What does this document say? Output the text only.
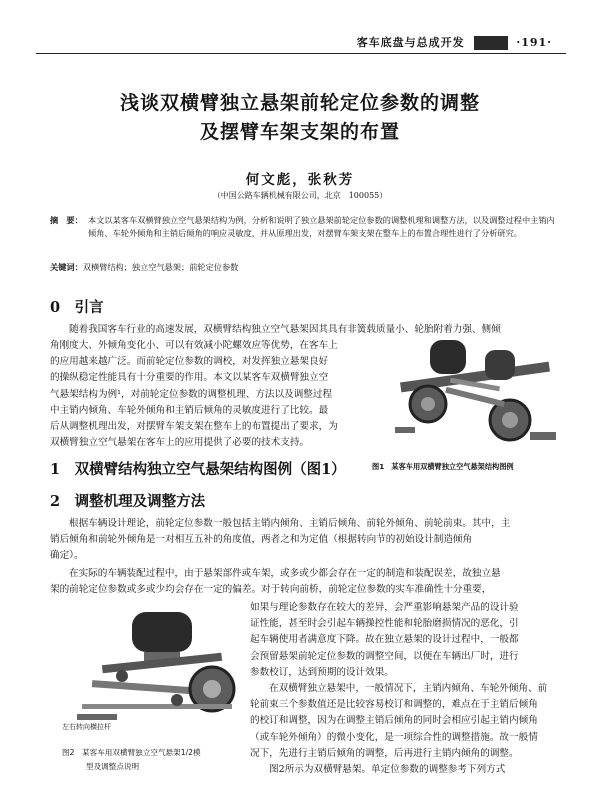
客车底盘与总成开发	·191·
浅谈双横臂独立悬架前轮定位参数的调整
及摆臂车架支架的布置
何文彪，张秋芳
（中国公路车辆机械有限公司，北京　100055）
摘　要： 本文以某客车双横臂独立空气悬架结构为例，分析和说明了独立悬架前轮定位参数的调整机理和调整方法，以及调整过程中主销内倾角、车轮外倾角和主销后倾角的响应灵敏度，并从原理出发，对摆臂车架支架在整车上的布置合理性进行了分析研究。
关键词：双横臂结构；独立空气悬架；前轮定位参数
0　引言
随着我国客车行业的高速发展，双横臂结构独立空气悬架因其具有非簧载质量小、轮胎附着力强、侧倾
角刚度大、外倾角变化小、可以有效减小陀螺效应等优势，在客车上
的应用越来越广泛。而前轮定位参数的调校，对发挥独立悬架良好
的操纵稳定性能具有十分重要的作用。本文以某客车双横臂独立空
气悬架结构为例¹，对前轮定位参数的调整机理、方法以及调整过程
中主销内倾角、车轮外倾角和主销后倾角的灵敏度进行了比较。最
后从调整机理出发，对摆臂车架支架在整车上的布置提出了要求，为
双横臂独立空气悬架在客车上的应用提供了必要的技术支持。
图1　某客车用双横臂独立空气悬架结构图例
1　双横臂结构独立空气悬架结构图例（图1）
2　调整机理及调整方法
根据车辆设计理论，前轮定位参数一般包括主销内倾角、主销后倾角、前轮外倾角、前轮前束。其中，主
销后倾角和前轮外倾角是一对相互五补的角度值，两者之和为定值（根据转向节的初始设计制造倾角
确定）。
在实际的车辆装配过程中，由于悬架部件或车架，或多或少都会存在一定的制造和装配误差，故独立悬
架的前轮定位参数或多或少均会存在一定的偏差。对于转向前桥，前轮定位参数的实车准确性十分重要，
左右转向横拉杆
图2　某客车用双横臂独立空气悬架1/2模
型及调整点说明
如果与理论参数存在较大的差异，会严重影响悬架产品的设计验
证性能，甚至时会引起车辆操控性能和轮胎磨损情况的恶化，引
起车辆使用者满意度下降。故在独立悬架的设计过程中，一般都
会预留悬架前轮定位参数的调整空间，以便在车辆出厂时，进行
参数校订，达到预期的设计效果。
在双横臂独立悬架中，一般情况下，主销内倾角、车轮外倾角、前
轮前束三个参数值还是比较容易校订和调整的，难点在于主销后倾角
的校订和调整，因为在调整主销后倾角的同时会相应引起主销内倾角
（或车轮外倾角）的微小变化，是一项综合性的调整措施。故一般情
况下，先进行主销后倾角的调整，后再进行主销内倾角的调整。
图2所示为双横臂悬架。单定位参数的调整参考下列方式
